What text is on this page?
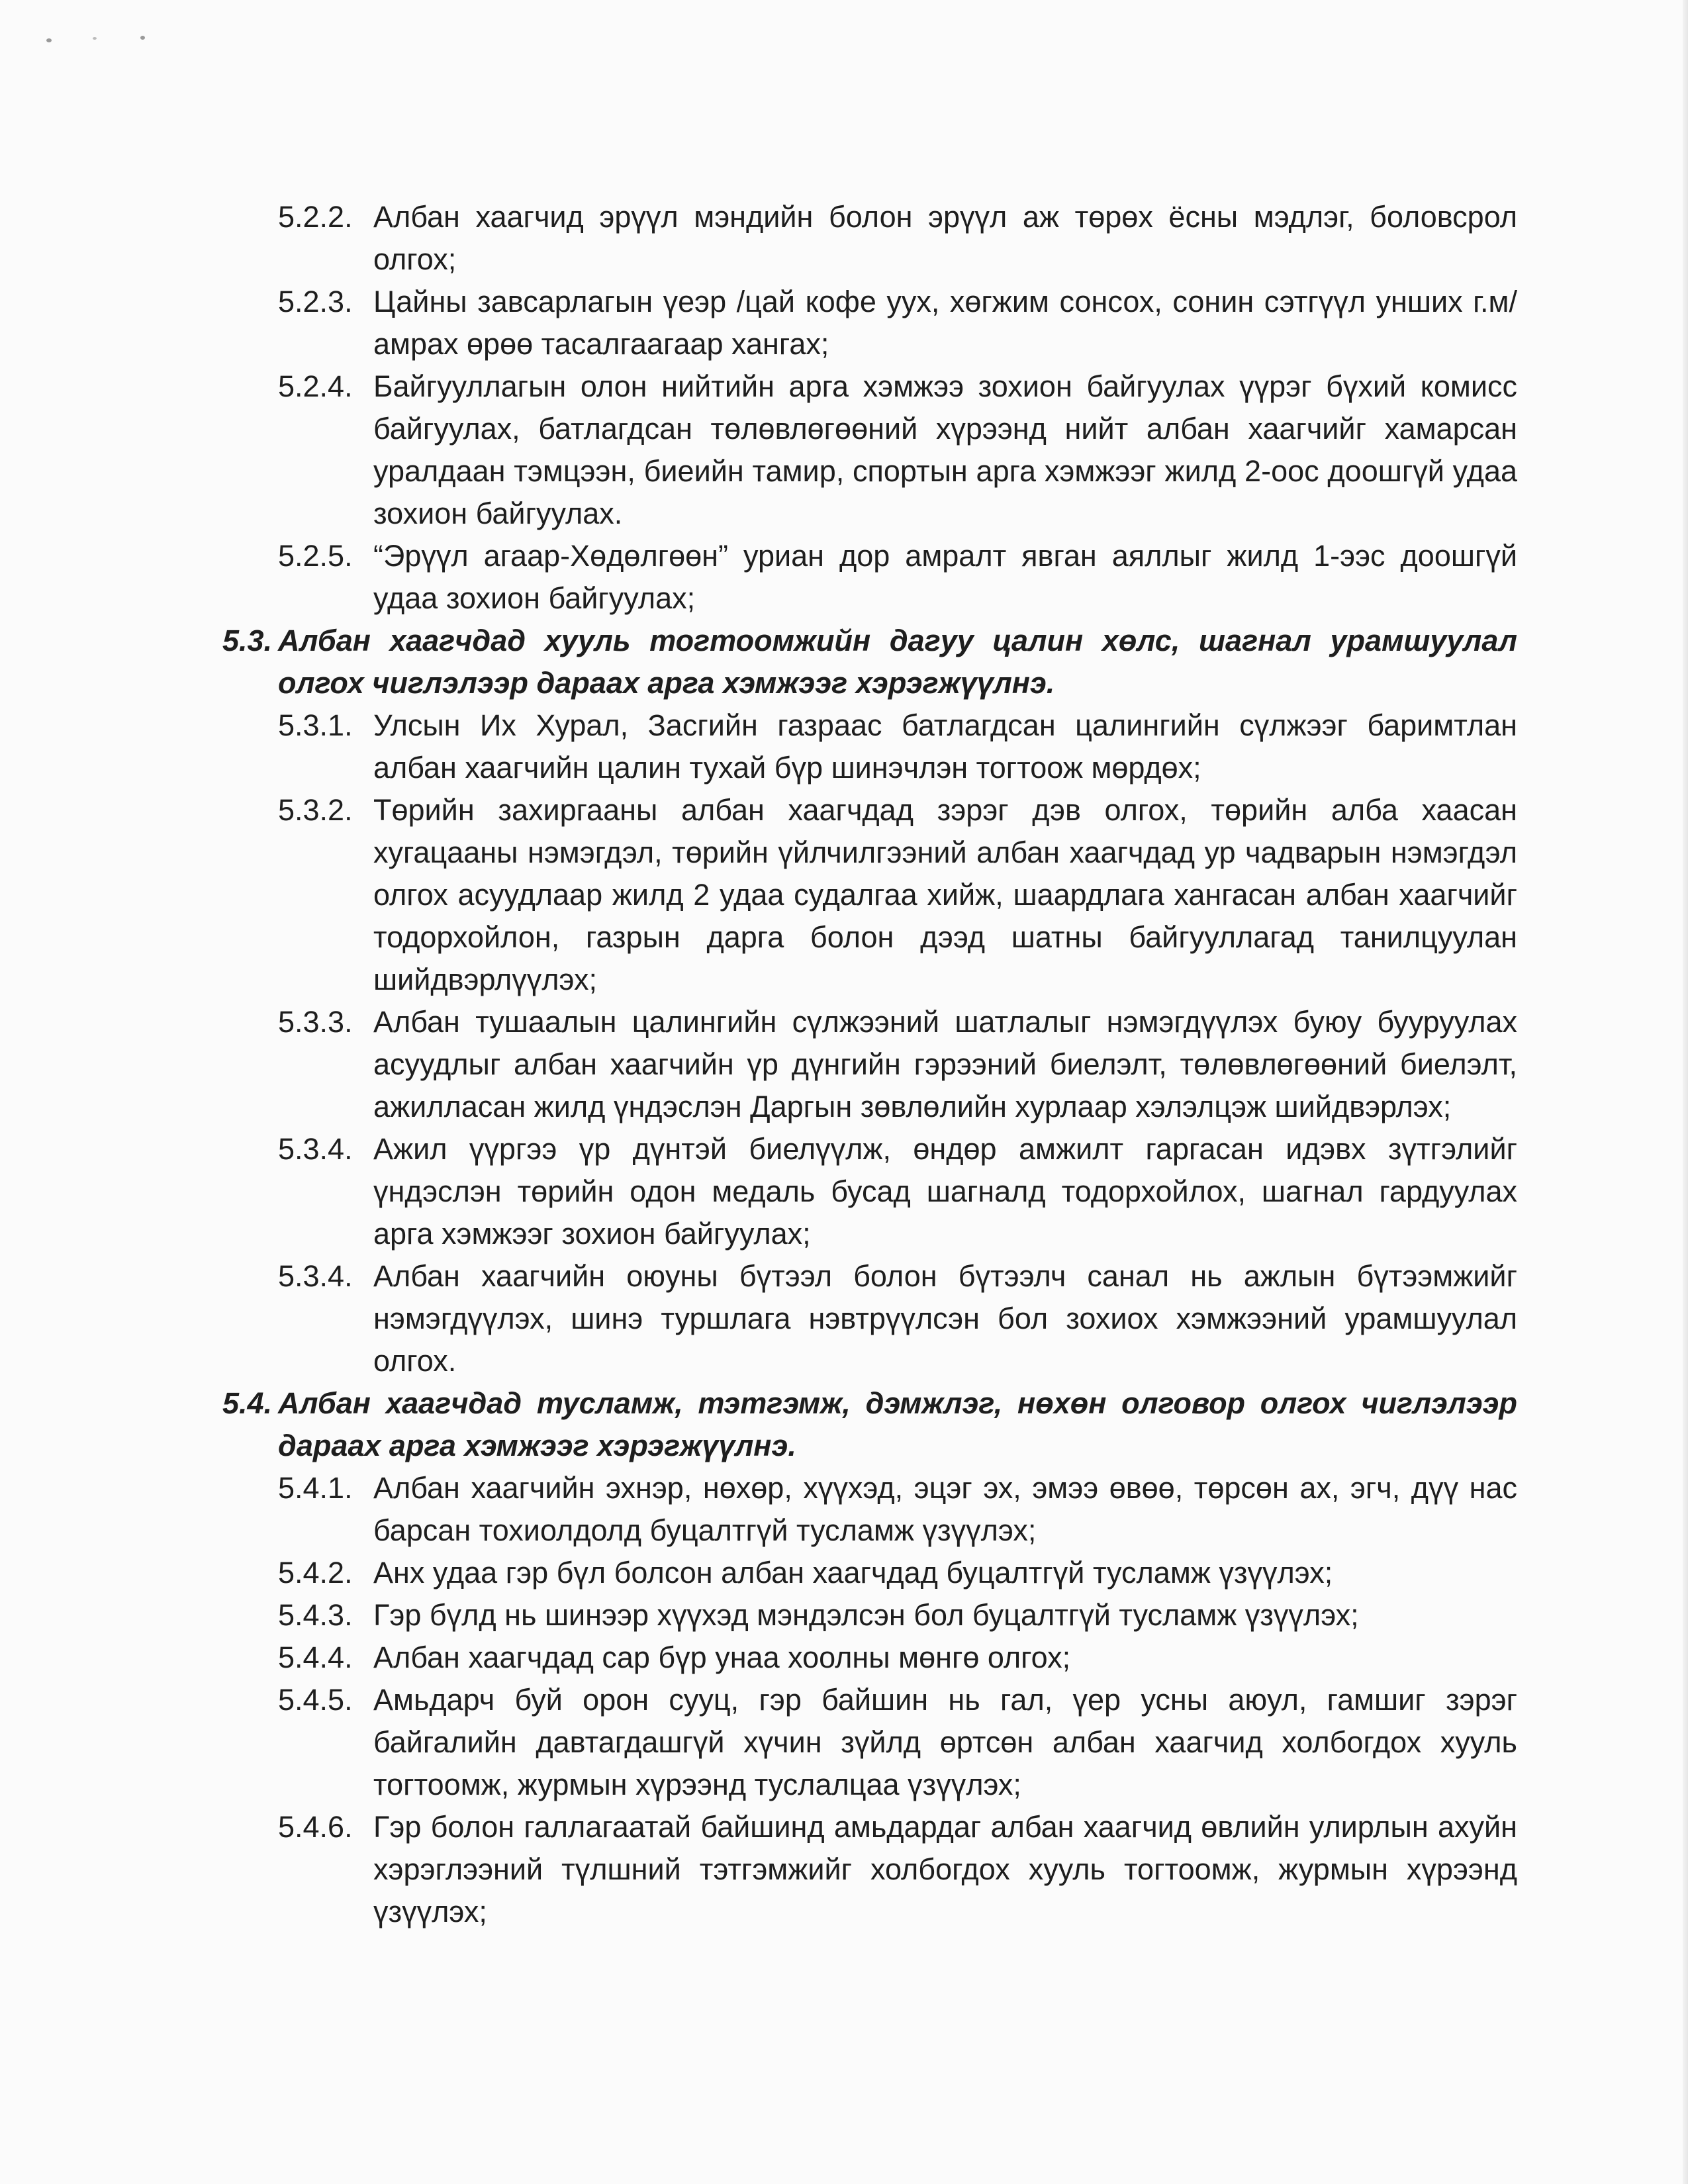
5.2.2. Албан хаагчид эрүүл мэндийн болон эрүүл аж төрөх ёсны мэдлэг, боловсрол олгох;
5.2.3. Цайны завсарлагын үеэр /цай кофе уух, хөгжим сонсох, сонин сэтгүүл унших г.м/ амрах өрөө тасалгаагаар хангах;
5.2.4. Байгууллагын олон нийтийн арга хэмжээ зохион байгуулах үүрэг бүхий комисс байгуулах, батлагдсан төлөвлөгөөний хүрээнд нийт албан хаагчийг хамарсан уралдаан тэмцээн, биеийн тамир, спортын арга хэмжээг жилд 2-оос доошгүй удаа зохион байгуулах.
5.2.5. “Эрүүл агаар-Хөдөлгөөн” уриан дор амралт явган аяллыг жилд 1-ээс доошгүй удаа зохион байгуулах;
5.3. Албан хаагчдад хууль тогтоомжийн дагуу цалин хөлс, шагнал урамшуулал олгох чиглэлээр дараах арга хэмжээг хэрэгжүүлнэ.
5.3.1. Улсын Их Хурал, Засгийн газраас батлагдсан цалингийн сүлжээг баримтлан албан хаагчийн цалин тухай бүр шинэчлэн тогтоож мөрдөх;
5.3.2. Төрийн захиргааны албан хаагчдад зэрэг дэв олгох, төрийн алба хаасан хугацааны нэмэгдэл, төрийн үйлчилгээний албан хаагчдад ур чадварын нэмэгдэл олгох асуудлаар жилд 2 удаа судалгаа хийж, шаардлага хангасан албан хаагчийг тодорхойлон, газрын дарга болон дээд шатны байгууллагад танилцуулан шийдвэрлүүлэх;
5.3.3. Албан тушаалын цалингийн сүлжээний шатлалыг нэмэгдүүлэх буюу бууруулах асуудлыг албан хаагчийн үр дүнгийн гэрээний биелэлт, төлөвлөгөөний биелэлт, ажилласан жилд үндэслэн Даргын зөвлөлийн хурлаар хэлэлцэж шийдвэрлэх;
5.3.4. Ажил үүргээ үр дүнтэй биелүүлж, өндөр амжилт гаргасан идэвх зүтгэлийг үндэслэн төрийн одон медаль бусад шагналд тодорхойлох, шагнал гардуулах арга хэмжээг зохион байгуулах;
5.3.4. Албан хаагчийн оюуны бүтээл болон бүтээлч санал нь ажлын бүтээмжийг нэмэгдүүлэх, шинэ туршлага нэвтрүүлсэн бол зохиох хэмжээний урамшуулал олгох.
5.4. Албан хаагчдад тусламж, тэтгэмж, дэмжлэг, нөхөн олговор олгох чиглэлээр дараах арга хэмжээг хэрэгжүүлнэ.
5.4.1. Албан хаагчийн эхнэр, нөхөр, хүүхэд, эцэг эх, эмээ өвөө, төрсөн ах, эгч, дүү нас барсан тохиолдолд буцалтгүй тусламж үзүүлэх;
5.4.2. Анх удаа гэр бүл болсон албан хаагчдад буцалтгүй тусламж үзүүлэх;
5.4.3. Гэр бүлд нь шинээр хүүхэд мэндэлсэн бол буцалтгүй тусламж үзүүлэх;
5.4.4. Албан хаагчдад сар бүр унаа хоолны мөнгө олгох;
5.4.5. Амьдарч буй орон сууц, гэр байшин нь гал, үер усны аюул, гамшиг зэрэг байгалийн давтагдашгүй хүчин зүйлд өртсөн албан хаагчид холбогдох хууль тогтоомж, журмын хүрээнд туслалцаа үзүүлэх;
5.4.6. Гэр болон галлагаатай байшинд амьдардаг албан хаагчид өвлийн улирлын ахуйн хэрэглээний түлшний тэтгэмжийг холбогдох хууль тогтоомж, журмын хүрээнд үзүүлэх;
